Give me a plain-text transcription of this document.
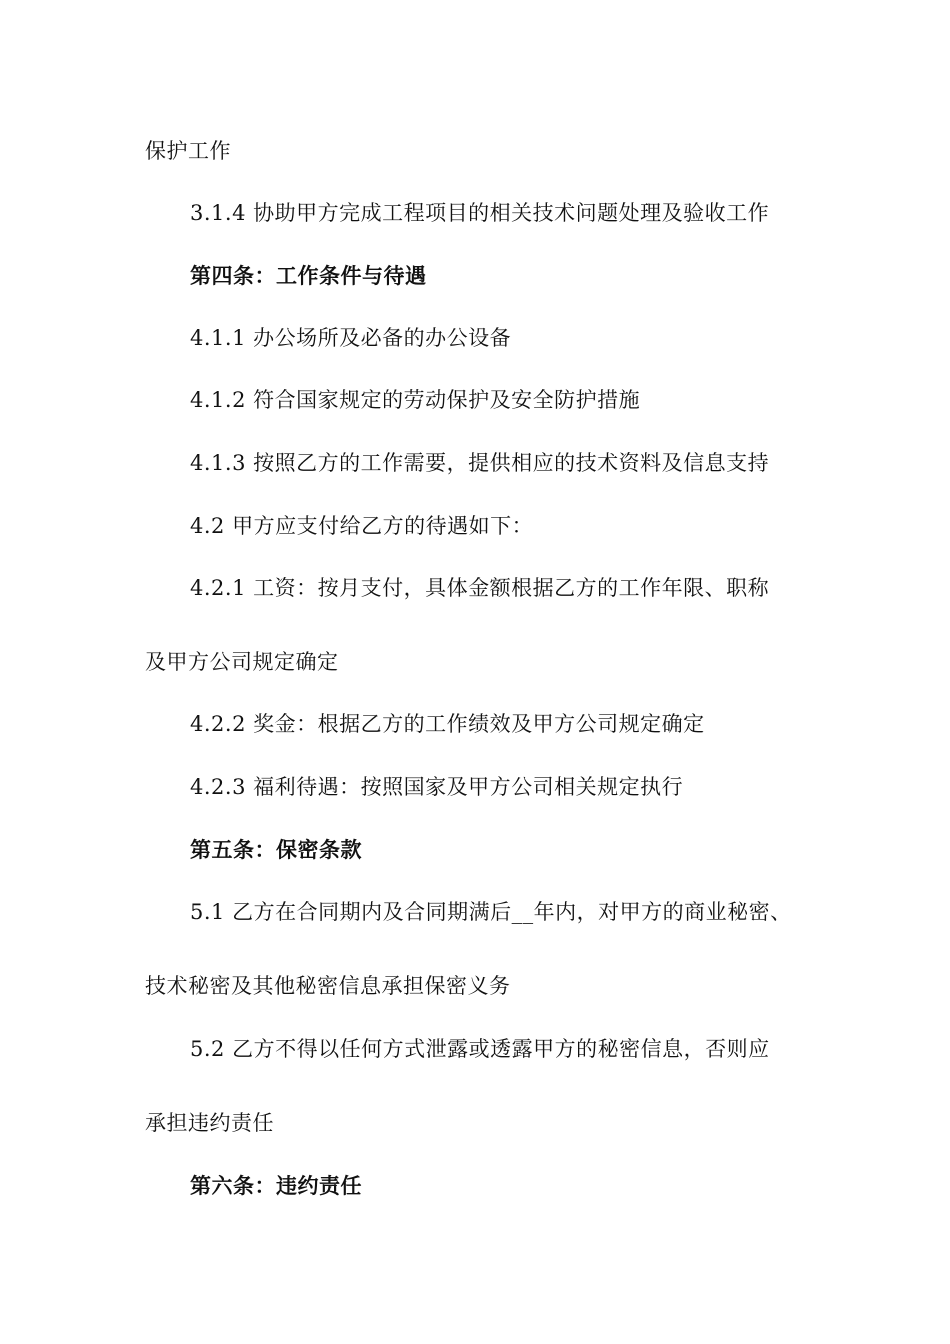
保护工作
3.1.4 协助甲方完成工程项目的相关技术问题处理及验收工作
第四条：工作条件与待遇
4.1.1 办公场所及必备的办公设备
4.1.2 符合国家规定的劳动保护及安全防护措施
4.1.3 按照乙方的工作需要，提供相应的技术资料及信息支持
4.2 甲方应支付给乙方的待遇如下：
4.2.1 工资：按月支付，具体金额根据乙方的工作年限、职称
及甲方公司规定确定
4.2.2 奖金：根据乙方的工作绩效及甲方公司规定确定
4.2.3 福利待遇：按照国家及甲方公司相关规定执行
第五条：保密条款
5.1 乙方在合同期内及合同期满后__年内，对甲方的商业秘密、
技术秘密及其他秘密信息承担保密义务
5.2 乙方不得以任何方式泄露或透露甲方的秘密信息，否则应
承担违约责任
第六条：违约责任
